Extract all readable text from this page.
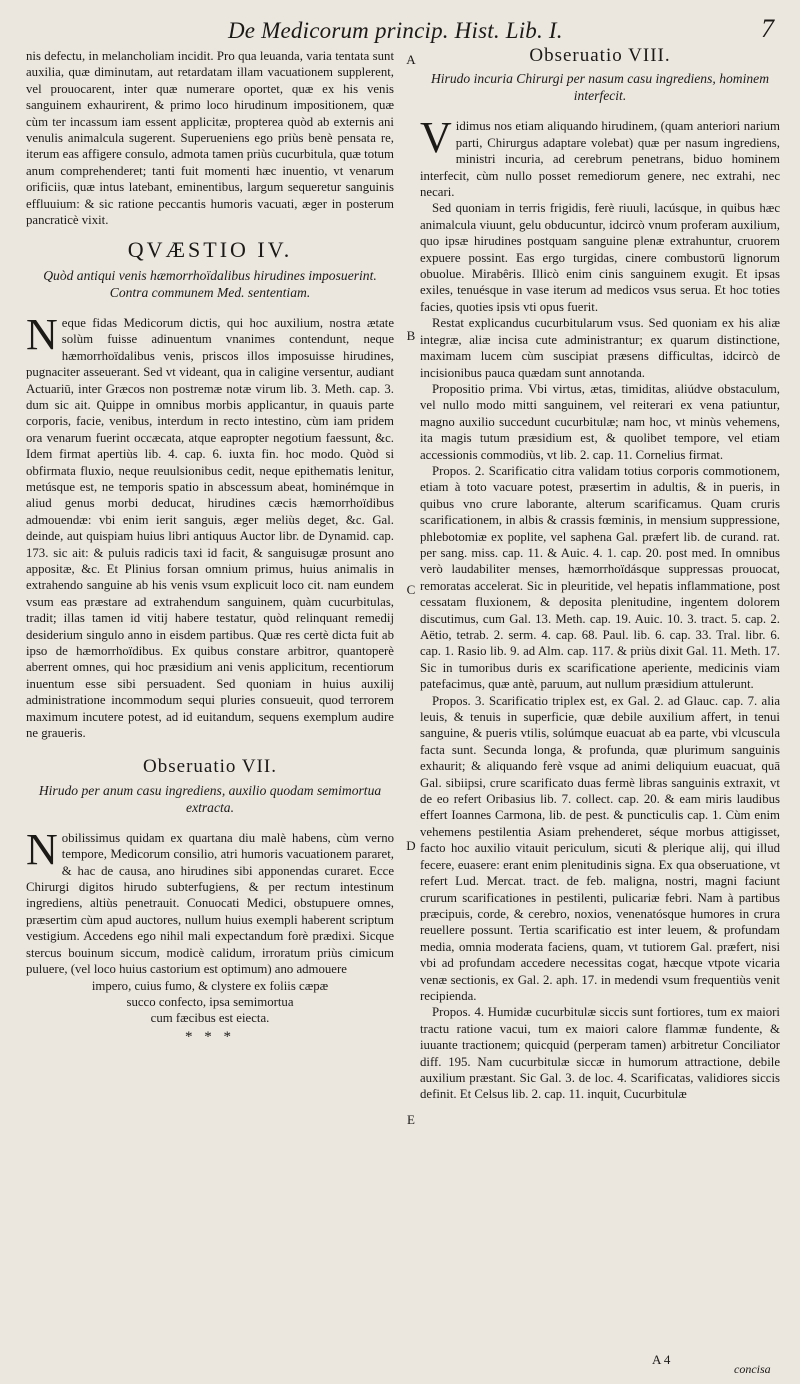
De Medicorum princip. Hist. Lib. I.	7
A
B
C
D
E

nis defectu, in melancholiam incidit. Pro qua leuanda, varia tentata sunt auxilia, quæ diminutam, aut retardatam illam vacuationem supplerent, vel prouocarent, inter quæ numerare oportet, quæ ex his venis sanguinem exhaurirent, & primo loco hirudinum impositionem, quæ cùm ter incassum iam essent applicitæ, propterea quòd ab externis ani venulis animalcula sugerent. Superueniens ego priùs benè pensata re, iterum eas affigere consulo, admota tamen priùs cucurbitula, quæ totum anum comprehenderet; tanti fuit momenti hæc inuentio, vt venarum orificiis, quæ intus latebant, eminentibus, largum sequeretur sanguinis effluuium: & sic ratione peccantis humoris vacuati, æger in posterum pancraticè vixit.

QVÆSTIO IV.
Quòd antiqui venis hæmorrhoïdalibus hirudines imposuerint. Contra communem Med. sententiam.

Neque fidas Medicorum dictis, qui hoc auxilium, nostra ætate solùm fuisse adinuentum vnanimes contendunt, neque hæmorrhoïdalibus venis, priscos illos imposuisse hirudines, pugnaciter asseuerant. Sed vt videant, qua in caligine versentur, audiant Actuariū, inter Græcos non postremæ notæ virum lib. 3. Meth. cap. 3. dum sic ait. Quippe in omnibus morbis applicantur, in quauis parte corporis, facie, venibus, interdum in recto intestino, cùm iam pridem ora venarum fuerint occæcata, atque eapropter negotium faessunt, &c. Idem firmat apertiùs lib. 4. cap. 6. iuxta fin. hoc modo. Quòd si obfirmata fluxio, neque reuulsionibus cedit, neque epithematis lenitur, metúsque est, ne temporis spatio in abscessum abeat, hominémque in aliud genus morbi deducat, hirudines cæcis hæmorrhoïdibus admouendæ: vbi enim ierit sanguis, æger meliùs deget, &c. Gal. deinde, aut quispiam huius libri antiquus Auctor libr. de Dynamid. cap. 173. sic ait: & puluis radicis taxi id facit, & sanguisugæ prosunt ano appositæ, &c. Et Plinius forsan omnium primus, huius animalis in extrahendo sanguine ab his venis vsum explicuit loco cit. nam eundem vsum eas præstare ad extrahendum sanguinem, quàm cucurbitulas, tradit; illas tamen id vitij habere testatur, quòd relinquant remedij desiderium singulo anno in eisdem partibus. Quæ res certè dicta fuit ab ipso de hæmorrhoïdibus. Ex quibus constare arbitror, quantoperè aberrent omnes, qui hoc præsidium ani venis applicitum, recentiorum inuentum esse sibi persuadent. Sed quoniam in huius auxilij administratione incommodum sequi pluries consueuit, quod terrorem maximum incutere potest, ad id euitandum, sequens exemplum audire ne graueris.

Obseruatio VII.
Hirudo per anum casu ingrediens, auxilio quodam semimortua extracta.

Nobilissimus quidam ex quartana diu malè habens, cùm verno tempore, Medicorum consilio, atri humoris vacuationem pararet, & hac de causa, ano hirudines sibi apponendas curaret. Ecce Chirurgi digitos hirudo subterfugiens, & per rectum intestinum ingrediens, altiùs penetrauit. Conuocati Medici, obstupuere omnes, præsertim cùm apud auctores, nullum huius exempli haberent scriptum vestigium. Accedens ego nihil mali expectandum forè prædixi. Sicque stercus bouinum siccum, modicè calidum, irroratum priùs cimicum puluere, (vel loco huius castorium est optimum) ano admouere

impero, cuius fumo, & clystere ex foliis cæpæ

succo confecto, ipsa semimortua

cum fæcibus est eiecta.

* * *
Obseruatio VIII.
Hirudo incuria Chirurgi per nasum casu ingrediens, hominem interfecit.

Vidimus nos etiam aliquando hirudinem, (quam anteriori narium parti, Chirurgus adaptare volebat) quæ per nasum ingrediens, ministri incuria, ad cerebrum penetrans, biduo hominem interfecit, cùm nullo posset remediorum genere, nec extrahi, nec necari.

Sed quoniam in terris frigidis, ferè riuuli, lacúsque, in quibus hæc animalcula viuunt, gelu obducuntur, idcircò vnum proferam auxilium, quo ipsæ hirudines postquam sanguine plenæ extrahuntur, cruorem expuere possint. Eas ergo turgidas, cinere combustorū lignorum obuolue. Mirabêris. Illicò enim cinis sanguinem exugit. Et ipsas exiles, tenuésque in vase iterum ad medicos vsus serua. Et hoc toties facies, quoties ipsis vti opus fuerit.

Restat explicandus cucurbitularum vsus. Sed quoniam ex his aliæ integræ, aliæ incisa cute administrantur; ex quarum distinctione, maximam lucem cùm suscipiat præsens difficultas, idcircò de incisionibus pauca quædam sunt annotanda.

Propositio prima. Vbi virtus, ætas, timiditas, aliúdve obstaculum, vel nullo modo mitti sanguinem, vel reiterari ex vena patiuntur, magno auxilio succedunt cucurbitulæ; nam hoc, vt minùs vehemens, ita magis tutum præsidium est, & quolibet tempore, vel etiam accessionis commodiùs, vt lib. 2. cap. 11. Cornelius firmat.

Propos. 2. Scarificatio citra validam totius corporis commotionem, etiam à toto vacuare potest, præsertim in adultis, & in pueris, in quibus vno crure laborante, alterum scarificamus. Quam cruris scarificationem, in albis & crassis fœminis, in mensium suppressione, phlebotomiæ ex poplite, vel saphena Gal. præfert lib. de curand. rat. per sang. miss. cap. 11. & Auic. 4. 1. cap. 20. post med. In omnibus verò laudabiliter menses, hæmorrhoïdásque suppressas prouocat, remoratas accelerat. Sic in pleuritide, vel hepatis inflammatione, post cessatam fluxionem, & deposita plenitudine, ingentem dolorem discutimus, cum Gal. 13. Meth. cap. 19. Auic. 10. 3. tract. 5. cap. 2. Aëtio, tetrab. 2. serm. 4. cap. 68. Paul. lib. 6. cap. 33. Tral. libr. 6. cap. 1. Rasio lib. 9. ad Alm. cap. 117. & priùs dixit Gal. 11. Meth. 17. Sic in tumoribus duris ex scarificatione aperiente, medicinis viam patefacimus, quæ antè, paruum, aut nullum præsidium attulerunt.

Propos. 3. Scarificatio triplex est, ex Gal. 2. ad Glauc. cap. 7. alia leuis, & tenuis in superficie, quæ debile auxilium affert, in tenui sanguine, & pueris vtilis, solúmque euacuat ab ea parte, vbi vlcuscula facta sunt. Secunda longa, & profunda, quæ plurimum sanguinis exhaurit; & aliquando ferè vsque ad animi deliquium euacuat, quā Gal. sibiipsi, crure scarificato duas fermè libras sanguinis extraxit, vt de eo refert Oribasius lib. 7. collect. cap. 20. & eam miris laudibus effert Ioannes Carmona, lib. de pest. & puncticulis cap. 1. Cùm enim vehemens pestilentia Asiam prehenderet, séque morbus attigisset, facto hoc auxilio vitauit periculum, sicuti & plerique alij, qui illud fecere, euasere: erant enim plenitudinis signa. Ex qua obseruatione, vt refert Lud. Mercat. tract. de feb. maligna, nostri, magni faciunt crurum scarificationes in pestilenti, pulicariæ febri. Nam à partibus præcipuis, corde, & cerebro, noxios, venenatósque humores in crura reuellere possunt. Tertia scarificatio est inter leuem, & profundam media, omnia moderata faciens, quam, vt tutiorem Gal. præfert, nisi vbi ad profundam accedere necessitas cogat, hæcque vtpote vicaria venæ sectionis, ex Gal. 2. aph. 17. in medendi vsum frequentiùs venit recipienda.

Propos. 4. Humidæ cucurbitulæ siccis sunt fortiores, tum ex maiori tractu ratione vacui, tum ex maiori calore flammæ fundente, & iuuante tractionem; quicquid (perperam tamen) arbitretur Conciliator diff. 195. Nam cucurbitulæ siccæ in humorum attractione, debile auxilium præstant. Sic Gal. 3. de loc. 4. Scarificatas, validiores siccis definit. Et Celsus lib. 2. cap. 11. inquit, Cucurbitulæ

A 4
concisa
